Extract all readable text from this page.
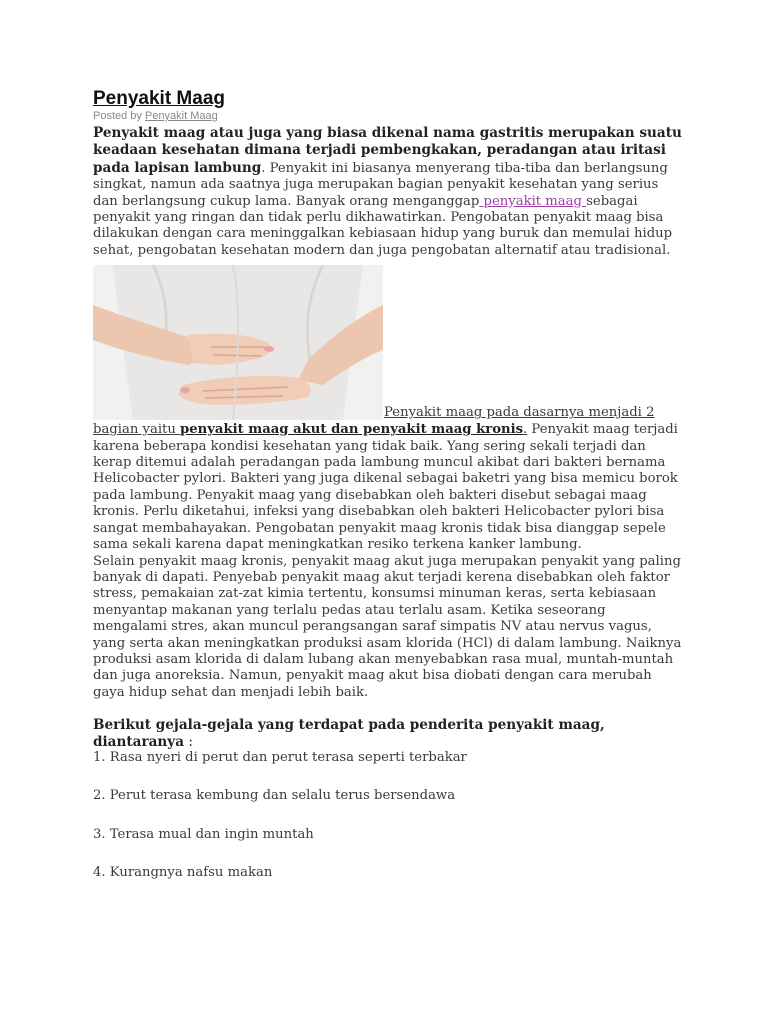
Penyakit Maag
Posted by Penyakit Maag

Penyakit maag atau juga yang biasa dikenal nama gastritis merupakan suatu keadaan kesehatan dimana terjadi pembengkakan, peradangan atau iritasi pada lapisan lambung. Penyakit ini biasanya menyerang tiba-tiba dan berlangsung singkat, namun ada saatnya juga merupakan bagian penyakit kesehatan yang serius dan berlangsung cukup lama. Banyak orang menganggap penyakit maag sebagai penyakit yang ringan dan tidak perlu dikhawatirkan. Pengobatan penyakit maag bisa dilakukan dengan cara meninggalkan kebiasaan hidup yang buruk dan memulai hidup sehat, pengobatan kesehatan modern dan juga pengobatan alternatif atau tradisional.

Penyakit maag pada dasarnya menjadi 2

bagian yaitu penyakit maag akut dan penyakit maag kronis. Penyakit maag terjadi karena beberapa kondisi kesehatan yang tidak baik. Yang sering sekali terjadi dan kerap ditemui adalah peradangan pada lambung muncul akibat dari bakteri bernama Helicobacter pylori. Bakteri yang juga dikenal sebagai baketri yang bisa memicu borok pada lambung. Penyakit maag yang disebabkan oleh bakteri disebut sebagai maag kronis. Perlu diketahui, infeksi yang disebabkan oleh bakteri Helicobacter pylori bisa sangat membahayakan. Pengobatan penyakit maag kronis tidak bisa dianggap sepele sama sekali karena dapat meningkatkan resiko terkena kanker lambung.

Selain penyakit maag kronis, penyakit maag akut juga merupakan penyakit yang paling banyak di dapati. Penyebab penyakit maag akut terjadi kerena disebabkan oleh faktor stress, pemakaian zat-zat kimia tertentu, konsumsi minuman keras, serta kebiasaan menyantap makanan yang terlalu pedas atau terlalu asam. Ketika seseorang mengalami stres, akan muncul perangsangan saraf simpatis NV atau nervus vagus, yang serta akan meningkatkan produksi asam klorida (HCl) di dalam lambung. Naiknya produksi asam klorida di dalam lubang akan menyebabkan rasa mual, muntah-muntah dan juga anoreksia. Namun, penyakit maag akut bisa diobati dengan cara merubah gaya hidup sehat dan menjadi lebih baik.

Berikut gejala-gejala yang terdapat pada penderita penyakit maag, diantaranya :

1. Rasa nyeri di perut dan perut terasa seperti terbakar

2. Perut terasa kembung dan selalu terus bersendawa

3. Terasa mual dan ingin muntah

4. Kurangnya nafsu makan
